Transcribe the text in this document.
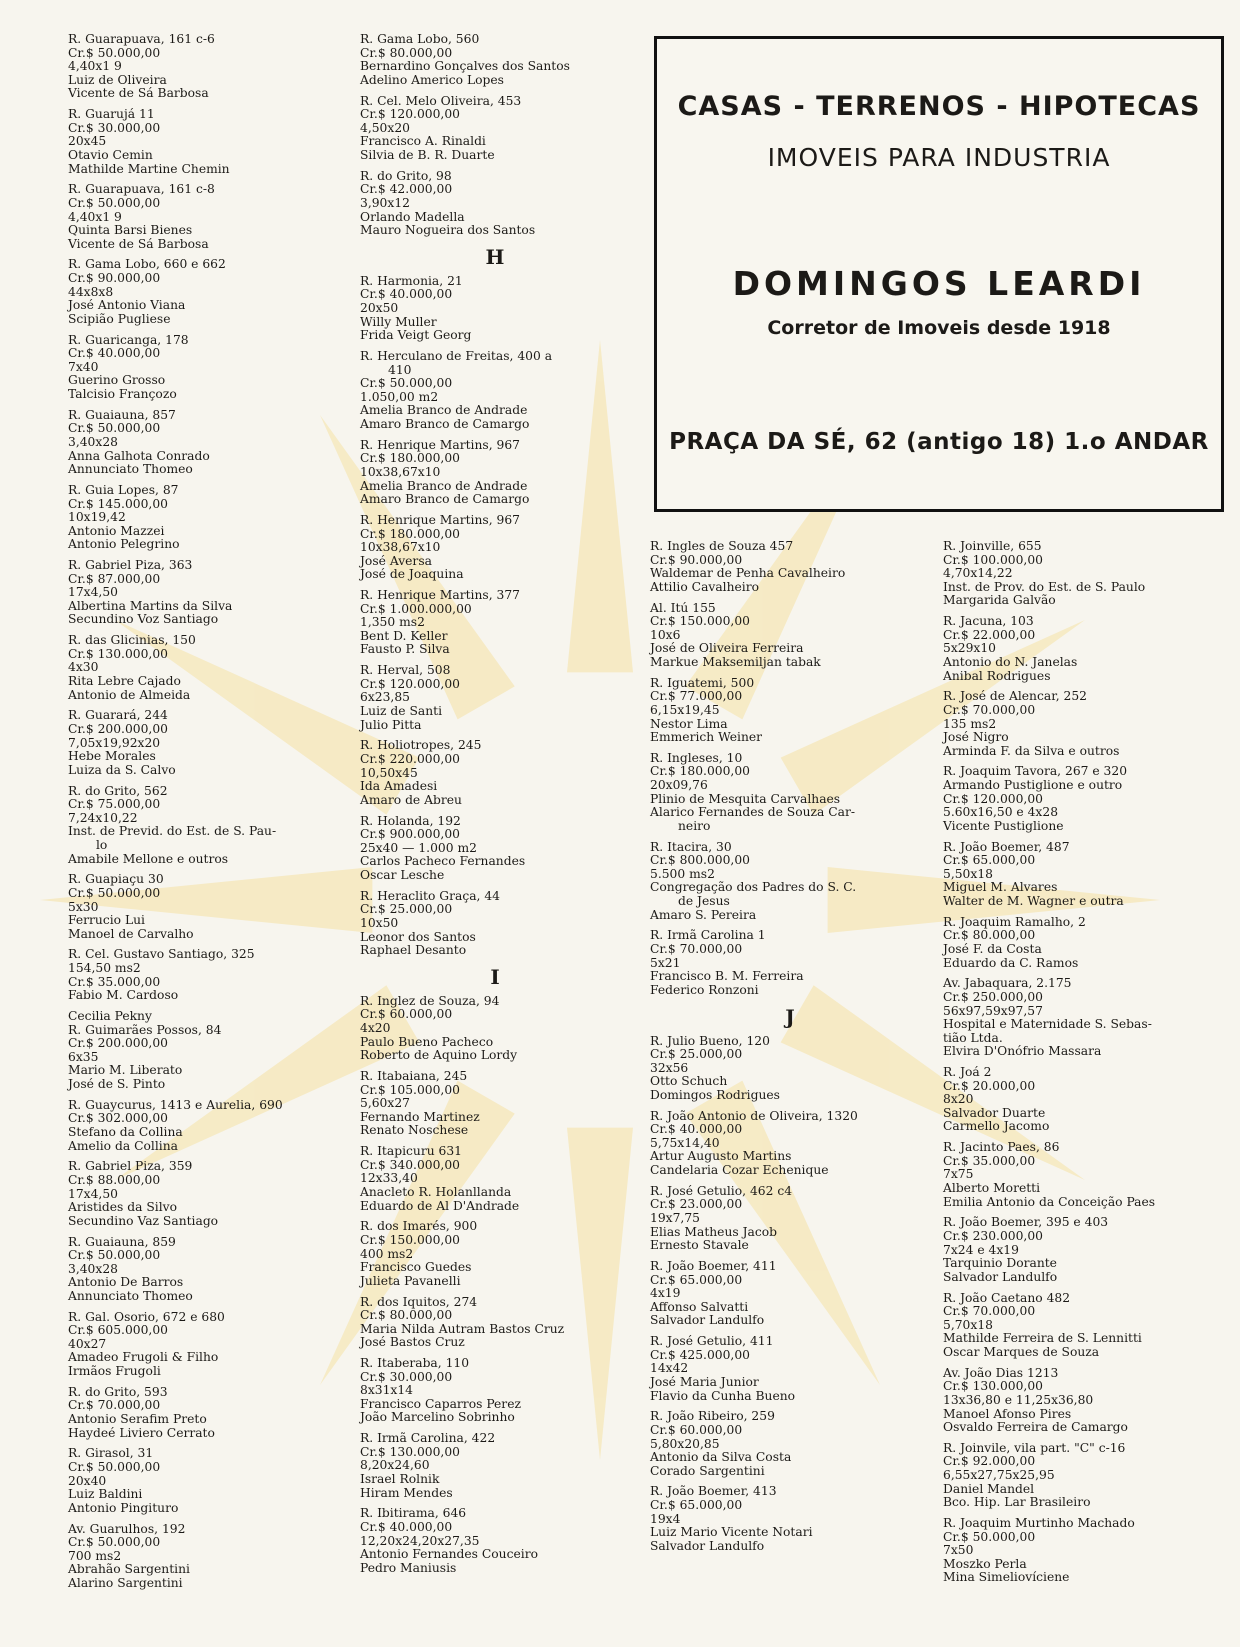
CASAS - TERRENOS - HIPOTECAS
IMOVEIS PARA INDUSTRIA
DOMINGOS LEARDI
Corretor de Imoveis desde 1918
PRAÇA DA SÉ, 62 (antigo 18) 1.o ANDAR
R. Guarapuava, 161 c-6
Cr.$ 50.000,00
4,40x1 9
Luiz de Oliveira
Vicente de Sá Barbosa
R. Guarujá 11
Cr.$ 30.000,00
20x45
Otavio Cemin
Mathilde Martine Chemin
R. Guarapuava, 161 c-8
Cr.$ 50.000,00
4,40x1 9
Quinta Barsi Bienes
Vicente de Sá Barbosa
R. Gama Lobo, 660 e 662
Cr.$ 90.000,00
44x8x8
José Antonio Viana
Scipião Pugliese
R. Guaricanga, 178
Cr.$ 40.000,00
7x40
Guerino Grosso
Talcisio Françozo
R. Guaiauna, 857
Cr.$ 50.000,00
3,40x28
Anna Galhota Conrado
Annunciato Thomeo
R. Guia Lopes, 87
Cr.$ 145.000,00
10x19,42
Antonio Mazzei
Antonio Pelegrino
R. Gabriel Piza, 363
Cr.$ 87.000,00
17x4,50
Albertina Martins da Silva
Secundino Voz Santiago
R. das Glicinias, 150
Cr.$ 130.000,00
4x30
Rita Lebre Cajado
Antonio de Almeida
R. Guarará, 244
Cr.$ 200.000,00
7,05x19,92x20
Hebe Morales
Luiza da S. Calvo
R. do Grito, 562
Cr.$ 75.000,00
7,24x10,22
Inst. de Previd. do Est. de S. Pau-
lo
Amabile Mellone e outros
R. Guapiaçu 30
Cr.$ 50.000,00
5x30
Ferrucio Lui
Manoel de Carvalho
R. Cel. Gustavo Santiago, 325
154,50 ms2
Cr.$ 35.000,00
Fabio M. Cardoso
Cecilia Pekny
R. Guimarães Possos, 84
Cr.$ 200.000,00
6x35
Mario M. Liberato
José de S. Pinto
R. Guaycurus, 1413 e Aurelia, 690
Cr.$ 302.000,00
Stefano da Collina
Amelio da Collina
R. Gabriel Piza, 359
Cr.$ 88.000,00
17x4,50
Aristides da Silvo
Secundino Vaz Santiago
R. Guaiauna, 859
Cr.$ 50.000,00
3,40x28
Antonio De Barros
Annunciato Thomeo
R. Gal. Osorio, 672 e 680
Cr.$ 605.000,00
40x27
Amadeo Frugoli & Filho
Irmãos Frugoli
R. do Grito, 593
Cr.$ 70.000,00
Antonio Serafim Preto
Haydeé Liviero Cerrato
R. Girasol, 31
Cr.$ 50.000,00
20x40
Luiz Baldini
Antonio Pingituro
Av. Guarulhos, 192
Cr.$ 50.000,00
700 ms2
Abrahão Sargentini
Alarino Sargentini
R. Gama Lobo, 560
Cr.$ 80.000,00
Bernardino Gonçalves dos Santos
Adelino Americo Lopes
R. Cel. Melo Oliveira, 453
Cr.$ 120.000,00
4,50x20
Francisco A. Rinaldi
Silvia de B. R. Duarte
R. do Grito, 98
Cr.$ 42.000,00
3,90x12
Orlando Madella
Mauro Nogueira dos Santos
H
R. Harmonia, 21
Cr.$ 40.000,00
20x50
Willy Muller
Frida Veigt Georg
R. Herculano de Freitas, 400 a
410
Cr.$ 50.000,00
1.050,00 m2
Amelia Branco de Andrade
Amaro Branco de Camargo
R. Henrique Martins, 967
Cr.$ 180.000,00
10x38,67x10
Amelia Branco de Andrade
Amaro Branco de Camargo
R. Henrique Martins, 967
Cr.$ 180.000,00
10x38,67x10
José Aversa
José de Joaquina
R. Henrique Martins, 377
Cr.$ 1.000.000,00
1,350 ms2
Bent D. Keller
Fausto P. Silva
R. Herval, 508
Cr.$ 120.000,00
6x23,85
Luiz de Santi
Julio Pitta
R. Holiotropes, 245
Cr.$ 220.000,00
10,50x45
Ida Amadesi
Amaro de Abreu
R. Holanda, 192
Cr.$ 900.000,00
25x40 — 1.000 m2
Carlos Pacheco Fernandes
Oscar Lesche
R. Heraclito Graça, 44
Cr.$ 25.000,00
10x50
Leonor dos Santos
Raphael Desanto
I
R. Inglez de Souza, 94
Cr.$ 60.000,00
4x20
Paulo Bueno Pacheco
Roberto de Aquino Lordy
R. Itabaiana, 245
Cr.$ 105.000,00
5,60x27
Fernando Martinez
Renato Noschese
R. Itapicuru 631
Cr.$ 340.000,00
12x33,40
Anacleto R. Holanllanda
Eduardo de Al D'Andrade
R. dos Imarés, 900
Cr.$ 150.000,00
400 ms2
Francisco Guedes
Julieta Pavanelli
R. dos Iquitos, 274
Cr.$ 80.000,00
Maria Nilda Autram Bastos Cruz
José Bastos Cruz
R. Itaberaba, 110
Cr.$ 30.000,00
8x31x14
Francisco Caparros Perez
João Marcelino Sobrinho
R. Irmã Carolina, 422
Cr.$ 130.000,00
8,20x24,60
Israel Rolnik
Hiram Mendes
R. Ibitirama, 646
Cr.$ 40.000,00
12,20x24,20x27,35
Antonio Fernandes Couceiro
Pedro Maniusis
R. Ingles de Souza 457
Cr.$ 90.000,00
Waldemar de Penha Cavalheiro
Attilio Cavalheiro
Al. Itú 155
Cr.$ 150.000,00
10x6
José de Oliveira Ferreira
Markue Maksemiljan tabak
R. Iguatemi, 500
Cr.$ 77.000,00
6,15x19,45
Nestor Lima
Emmerich Weiner
R. Ingleses, 10
Cr.$ 180.000,00
20x09,76
Plinio de Mesquita Carvalhaes
Alarico Fernandes de Souza Car-
neiro
R. Itacira, 30
Cr.$ 800.000,00
5.500 ms2
Congregação dos Padres do S. C.
de Jesus
Amaro S. Pereira
R. Irmã Carolina 1
Cr.$ 70.000,00
5x21
Francisco B. M. Ferreira
Federico Ronzoni
J
R. Julio Bueno, 120
Cr.$ 25.000,00
32x56
Otto Schuch
Domingos Rodrigues
R. João Antonio de Oliveira, 1320
Cr.$ 40.000,00
5,75x14,40
Artur Augusto Martins
Candelaria Cozar Echenique
R. José Getulio, 462 c4
Cr.$ 23.000,00
19x7,75
Elias Matheus Jacob
Ernesto Stavale
R. João Boemer, 411
Cr.$ 65.000,00
4x19
Affonso Salvatti
Salvador Landulfo
R. José Getulio, 411
Cr.$ 425.000,00
14x42
José Maria Junior
Flavio da Cunha Bueno
R. João Ribeiro, 259
Cr.$ 60.000,00
5,80x20,85
Antonio da Silva Costa
Corado Sargentini
R. João Boemer, 413
Cr.$ 65.000,00
19x4
Luiz Mario Vicente Notari
Salvador Landulfo
R. Joinville, 655
Cr.$ 100.000,00
4,70x14,22
Inst. de Prov. do Est. de S. Paulo
Margarida Galvão
R. Jacuna, 103
Cr.$ 22.000,00
5x29x10
Antonio do N. Janelas
Anibal Rodrigues
R. José de Alencar, 252
Cr.$ 70.000,00
135 ms2
José Nigro
Arminda F. da Silva e outros
R. Joaquim Tavora, 267 e 320
Armando Pustiglione e outro
Cr.$ 120.000,00
5.60x16,50 e 4x28
Vicente Pustiglione
R. João Boemer, 487
Cr.$ 65.000,00
5,50x18
Miguel M. Alvares
Walter de M. Wagner e outra
R. Joaquim Ramalho, 2
Cr.$ 80.000,00
José F. da Costa
Eduardo da C. Ramos
Av. Jabaquara, 2.175
Cr.$ 250.000,00
56x97,59x97,57
Hospital e Maternidade S. Sebas-
tião Ltda.
Elvira D'Onófrio Massara
R. Joá 2
Cr.$ 20.000,00
8x20
Salvador Duarte
Carmello Jacomo
R. Jacinto Paes, 86
Cr.$ 35.000,00
7x75
Alberto Moretti
Emilia Antonio da Conceição Paes
R. João Boemer, 395 e 403
Cr.$ 230.000,00
7x24 e 4x19
Tarquinio Dorante
Salvador Landulfo
R. João Caetano 482
Cr.$ 70.000,00
5,70x18
Mathilde Ferreira de S. Lennitti
Oscar Marques de Souza
Av. João Dias 1213
Cr.$ 130.000,00
13x36,80 e 11,25x36,80
Manoel Afonso Pires
Osvaldo Ferreira de Camargo
R. Joinvile, vila part. "C" c-16
Cr.$ 92.000,00
6,55x27,75x25,95
Daniel Mandel
Bco. Hip. Lar Brasileiro
R. Joaquim Murtinho Machado
Cr.$ 50.000,00
7x50
Moszko Perla
Mina Simeliovíciene
